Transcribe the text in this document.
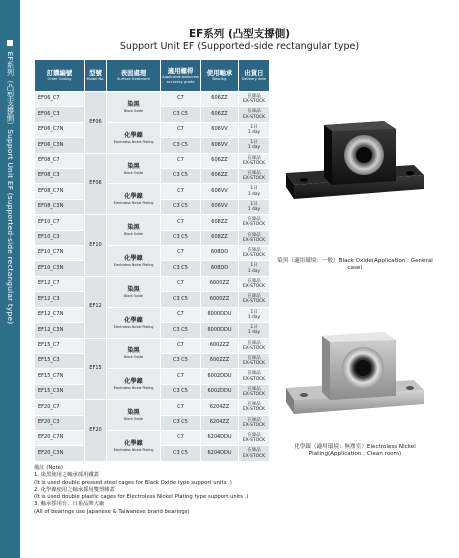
EF系列（凸型支撐側）Support Unit EF (supported-side rectangular type)
EF系列 (凸型支撐側)
Support Unit EF (Supported-side rectangular type)
訂購編號
Order Coding	型號
Model No.	表面處理
Surface treatment	適用螺桿
Applicable ballscrew accuracy grade	使用軸承
Bearing	出貨日
Delivery date

EF06_C7	EF06	染黑
Black Oxide	C7	606ZZ	在庫品
EX-STOCK

EF06_C3			C3 C5	606ZZ	在庫品
EX-STOCK

EF06_C7N		化學鎳
Electroless Nickel Plating	C7	606VV	1日
1 day

EF06_C3N			C3 C5	606VV	1日
1 day

EF08_C7	EF08	染黑
Black Oxide	C7	606ZZ	在庫品
EX-STOCK

EF08_C3			C3 C5	606ZZ	在庫品
EX-STOCK

EF08_C7N		化學鎳
Electroless Nickel Plating	C7	606VV	1日
1 day

EF08_C3N			C3 C5	606VV	1日
1 day

EF10_C7	EF10	染黑
Black Oxide	C7	608ZZ	在庫品
EX-STOCK

EF10_C3			C3 C5	608ZZ	在庫品
EX-STOCK

EF10_C7N		化學鎳
Electroless Nickel Plating	C7	608DD	在庫品
EX-STOCK

EF10_C3N			C3 C5	608DD	1日
1 day

EF12_C7	EF12	染黑
Black Oxide	C7	6000ZZ	在庫品
EX-STOCK

EF12_C3			C3 C5	6000ZZ	在庫品
EX-STOCK

EF12_C7N		化學鎳
Electroless Nickel Plating	C7	6000DDU	1日
1 day

EF12_C3N			C3 C5	6000DDU	1日
1 day

EF15_C7	EF15	染黑
Black Oxide	C7	6002ZZ	在庫品
EX-STOCK

EF15_C3			C3 C5	6002ZZ	在庫品
EX-STOCK

EF15_C7N		化學鎳
Electroless Nickel Plating	C7	6002DDU	在庫品
EX-STOCK

EF15_C3N			C3 C5	6002DDU	在庫品
EX-STOCK

EF20_C7	EF20	染黑
Black Oxide	C7	6204ZZ	在庫品
EX-STOCK

EF20_C3			C3 C5	6204ZZ	在庫品
EX-STOCK

EF20_C7N		化學鎳
Electroless Nickel Plating	C7	6204DDU	在庫品
EX-STOCK

EF20_C3N			C3 C5	6204DDU	在庫品
EX-STOCK
染黑（適用環境：一般）Black Oxide(Application : General case)
化學鎳（適用環境：無塵室）Electroless Nickel Plating(Application : Clean room)
備註 (Note)
1. 染黑使用之軸承採用鐵蓋
(It is used double pressed steel cages for Black Oxide type support units .)
2. 化學鎳使用之軸承採用雙塑膠蓋
(It is used double plastic cages for Electroless Nickel Plating type support units .)
3. 軸承採用台、日系品牌大廠
(All of bearings use Japanese & Taiwanese brand bearings)
